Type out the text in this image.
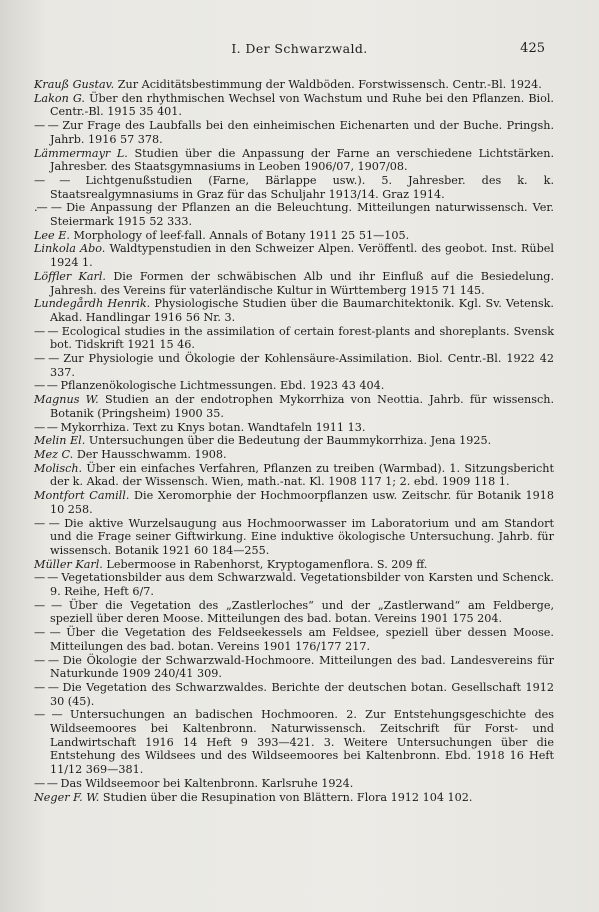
I. Der Schwarzwald.	425

Krauß Gustav. Zur Aciditätsbestimmung der Waldböden. Forstwissensch. Centr.-Bl. 1924.

Lakon G. Über den rhythmischen Wechsel von Wachstum und Ruhe bei den Pflanzen. Biol. Centr.-Bl. 1915 35 401.

— — Zur Frage des Laubfalls bei den einheimischen Eichenarten und der Buche. Pringsh. Jahrb. 1916 57 378.

Lämmermayr L. Studien über die Anpassung der Farne an verschiedene Lichtstärken. Jahresber. des Staatsgymnasiums in Leoben 1906/07, 1907/08.

— — Lichtgenußstudien (Farne, Bärlappe usw.). 5. Jahresber. des k. k. Staatsrealgymnasiums in Graz für das Schuljahr 1913/14. Graz 1914.

.— — Die Anpassung der Pflanzen an die Beleuchtung. Mitteilungen naturwissensch. Ver. Steiermark 1915 52 333.

Lee E. Morphology of leef-fall. Annals of Botany 1911 25 51—105.

Linkola Abo. Waldtypenstudien in den Schweizer Alpen. Veröffentl. des geobot. Inst. Rübel 1924 1.

Löffler Karl. Die Formen der schwäbischen Alb und ihr Einfluß auf die Besiedelung. Jahresh. des Vereins für vaterländische Kultur in Württemberg 1915 71 145.

Lundegårdh Henrik. Physiologische Studien über die Baumarchitektonik. Kgl. Sv. Vetensk. Akad. Handlingar 1916 56 Nr. 3.

— — Ecological studies in the assimilation of certain forest-plants and shoreplants. Svensk bot. Tidskrift 1921 15 46.

— — Zur Physiologie und Ökologie der Kohlensäure-Assimilation. Biol. Centr.-Bl. 1922 42 337.

— — Pflanzenökologische Lichtmessungen. Ebd. 1923 43 404.

Magnus W. Studien an der endotrophen Mykorrhiza von Neottia. Jahrb. für wissensch. Botanik (Pringsheim) 1900 35.

— — Mykorrhiza. Text zu Knys botan. Wandtafeln 1911 13.

Melin El. Untersuchungen über die Bedeutung der Baummykorrhiza. Jena 1925.

Mez C. Der Hausschwamm. 1908.

Molisch. Über ein einfaches Verfahren, Pflanzen zu treiben (Warmbad). 1. Sitzungsbericht der k. Akad. der Wissensch. Wien, math.-nat. Kl. 1908 117 1; 2. ebd. 1909 118 1.

Montfort Camill. Die Xeromorphie der Hochmoorpflanzen usw. Zeitschr. für Botanik 1918 10 258.

— — Die aktive Wurzelsaugung aus Hochmoorwasser im Laboratorium und am Standort und die Frage seiner Giftwirkung. Eine induktive ökologische Untersuchung. Jahrb. für wissensch. Botanik 1921 60 184—255.

Müller Karl. Lebermoose in Rabenhorst, Kryptogamenflora. S. 209 ff.

— — Vegetationsbilder aus dem Schwarzwald. Vegetationsbilder von Karsten und Schenck. 9. Reihe, Heft 6/7.

— — Über die Vegetation des „Zastlerloches“ und der „Zastlerwand“ am Feldberge, speziell über deren Moose. Mitteilungen des bad. botan. Vereins 1901 175 204.

— — Über die Vegetation des Feldseekessels am Feldsee, speziell über dessen Moose. Mitteilungen des bad. botan. Vereins 1901 176/177 217.

— — Die Ökologie der Schwarzwald-Hochmoore. Mitteilungen des bad. Landesvereins für Naturkunde 1909 240/41 309.

— — Die Vegetation des Schwarzwaldes. Berichte der deutschen botan. Gesellschaft 1912 30 (45).

— — Untersuchungen an badischen Hochmooren. 2. Zur Entstehungsgeschichte des Wildseemoores bei Kaltenbronn. Naturwissensch. Zeitschrift für Forst- und Landwirtschaft 1916 14 Heft 9 393—421. 3. Weitere Untersuchungen über die Entstehung des Wildsees und des Wildseemoores bei Kaltenbronn. Ebd. 1918 16 Heft 11/12 369—381.

— — Das Wildseemoor bei Kaltenbronn. Karlsruhe 1924.

Neger F. W. Studien über die Resupination von Blättern. Flora 1912 104 102.
